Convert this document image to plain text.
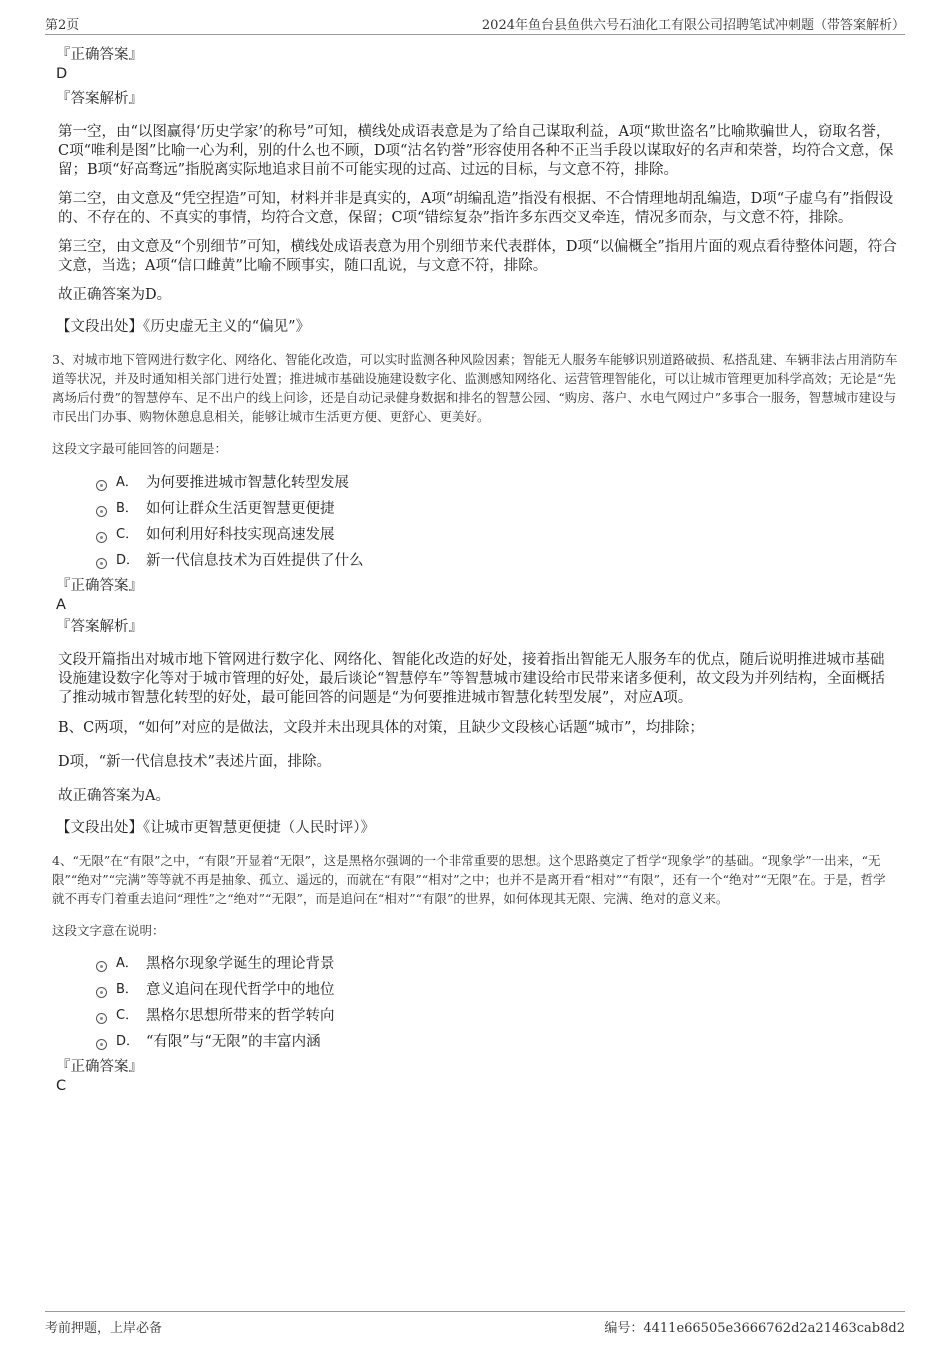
第2页	2024年鱼台县鱼供六号石油化工有限公司招聘笔试冲刺题（带答案解析）
『正确答案』
D
『答案解析』
第一空，由“以图赢得‘历史学家’的称号”可知，横线处成语表意是为了给自己谋取利益，A项“欺世盗名”比喻欺骗世人，窃取名誉，C项“唯利是图”比喻一心为利，别的什么也不顾，D项“沽名钓誉”形容使用各种不正当手段以谋取好的名声和荣誉，均符合文意，保留；B项“好高骛远”指脱离实际地追求目前不可能实现的过高、过远的目标，与文意不符，排除。
第二空，由文意及“凭空捏造”可知，材料并非是真实的，A项“胡编乱造”指没有根据、不合情理地胡乱编造，D项“子虚乌有”指假设的、不存在的、不真实的事情，均符合文意，保留；C项“错综复杂”指许多东西交叉牵连，情况多而杂，与文意不符，排除。
第三空，由文意及“个别细节”可知，横线处成语表意为用个别细节来代表群体，D项“以偏概全”指用片面的观点看待整体问题，符合文意，当选；A项“信口雌黄”比喻不顾事实，随口乱说，与文意不符，排除。
故正确答案为D。
【文段出处】《历史虚无主义的“偏见”》
3、对城市地下管网进行数字化、网络化、智能化改造，可以实时监测各种风险因素；智能无人服务车能够识别道路破损、私搭乱建、车辆非法占用消防车道等状况，并及时通知相关部门进行处置；推进城市基础设施建设数字化、监测感知网络化、运营管理智能化，可以让城市管理更加科学高效；无论是“先离场后付费”的智慧停车、足不出户的线上问诊，还是自动记录健身数据和排名的智慧公园、“购房、落户、水电气网过户”多事合一服务，智慧城市建设与市民出门办事、购物休憩息息相关，能够让城市生活更方便、更舒心、更美好。
这段文字最可能回答的问题是：
A． 为何要推进城市智慧化转型发展
B． 如何让群众生活更智慧更便捷
C． 如何利用好科技实现高速发展
D． 新一代信息技术为百姓提供了什么
『正确答案』
A
『答案解析』
文段开篇指出对城市地下管网进行数字化、网络化、智能化改造的好处，接着指出智能无人服务车的优点，随后说明推进城市基础设施建设数字化等对于城市管理的好处，最后谈论“智慧停车”等智慧城市建设给市民带来诸多便利，故文段为并列结构，全面概括了推动城市智慧化转型的好处，最可能回答的问题是“为何要推进城市智慧化转型发展”，对应A项。
B、C两项，“如何”对应的是做法，文段并未出现具体的对策，且缺少文段核心话题“城市”，均排除；
D项，“新一代信息技术”表述片面，排除。
故正确答案为A。
【文段出处】《让城市更智慧更便捷（人民时评）》
4、“无限”在“有限”之中，“有限”开显着“无限”，这是黑格尔强调的一个非常重要的思想。这个思路奠定了哲学“现象学”的基础。“现象学”一出来，“无限”“绝对”“完满”等等就不再是抽象、孤立、遥远的，而就在“有限”“相对”之中；也并不是离开看“相对”“有限”，还有一个“绝对”“无限”在。于是，哲学就不再专门着重去追问“理性”之“绝对”“无限”，而是追问在“相对”“有限”的世界，如何体现其无限、完满、绝对的意义来。
这段文字意在说明：
A． 黑格尔现象学诞生的理论背景
B． 意义追问在现代哲学中的地位
C． 黑格尔思想所带来的哲学转向
D． “有限”与“无限”的丰富内涵
『正确答案』
C
考前押题，上岸必备	编号：4411e66505e3666762d2a21463cab8d2
